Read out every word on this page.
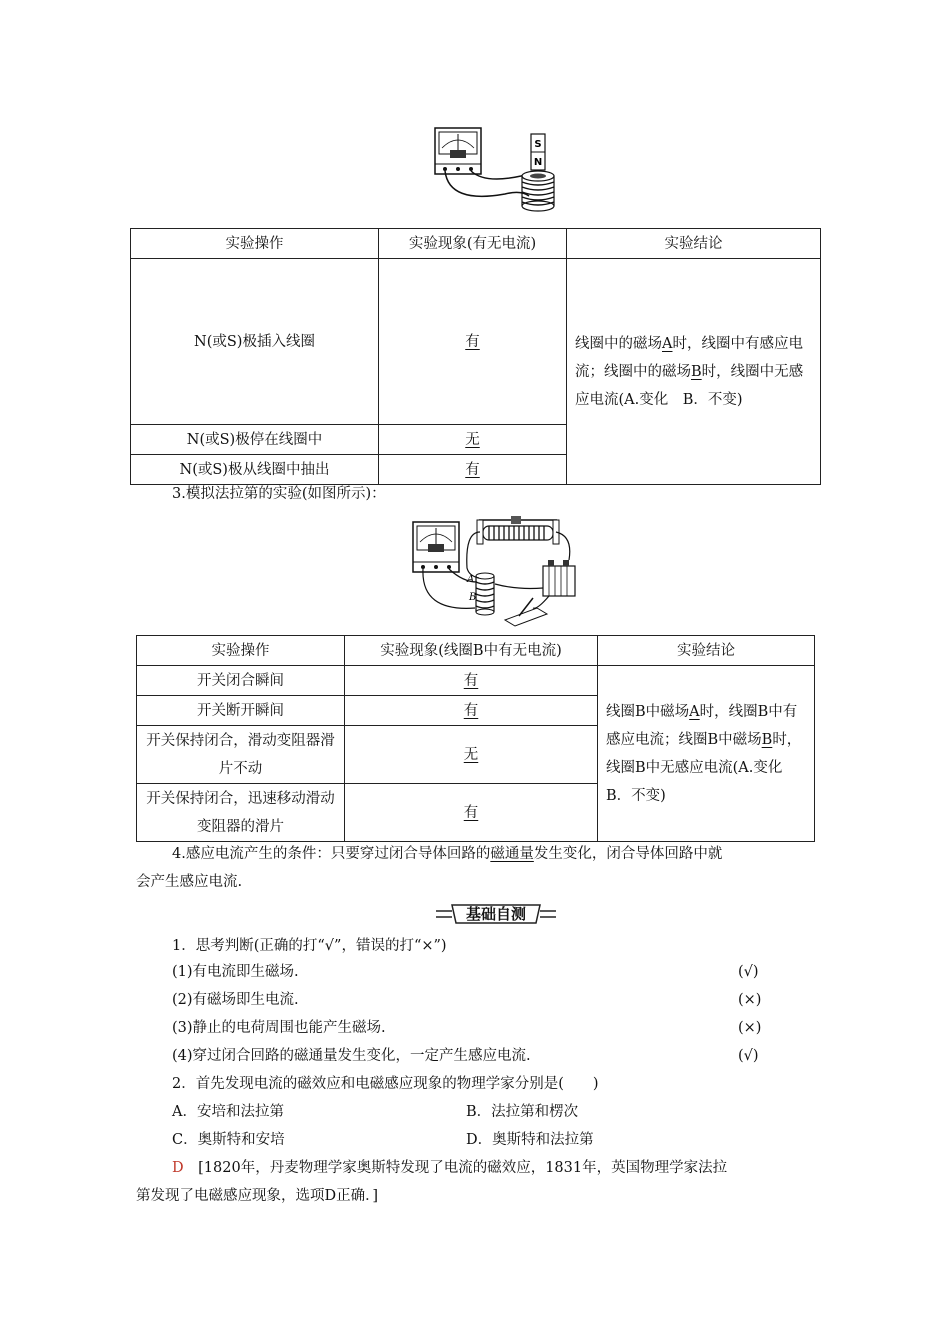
S
N
实验操作	实验现象(有无电流)	实验结论
N(或S)极插入线圈	有	线圈中的磁场A时，线圈中有感应电流；线圈中的磁场B时，线圈中无感应电流(A.变化　B．不变)
N(或S)极停在线圈中	无	
N(或S)极从线圈中抽出	有	
3.模拟法拉第的实验(如图所示)：
A
B
实验操作	实验现象(线圈B中有无电流)	实验结论
开关闭合瞬间	有	线圈B中磁场A时，线圈B中有感应电流；线圈B中磁场B时，线圈B中无感应电流(A.变化　B．不变)
开关断开瞬间	有	
开关保持闭合，滑动变阻器滑片不动	无	
开关保持闭合，迅速移动滑动变阻器的滑片	有	
4.感应电流产生的条件：只要穿过闭合导体回路的磁通量发生变化，闭合导体回路中就
会产生感应电流.
基础自测
1．思考判断(正确的打“√”，错误的打“×”)
(1)有电流即生磁场.	(√)
(2)有磁场即生电流.	(×)
(3)静止的电荷周围也能产生磁场.	(×)
(4)穿过闭合回路的磁通量发生变化，一定产生感应电流.	(√)
2．首先发现电流的磁效应和电磁感应现象的物理学家分别是(　　)
A．安培和法拉第	B．法拉第和楞次
C．奥斯特和安培	D．奥斯特和法拉第
D　 [1820年，丹麦物理学家奥斯特发现了电流的磁效应，1831年，英国物理学家法拉
第发现了电磁感应现象，选项D正确．]
